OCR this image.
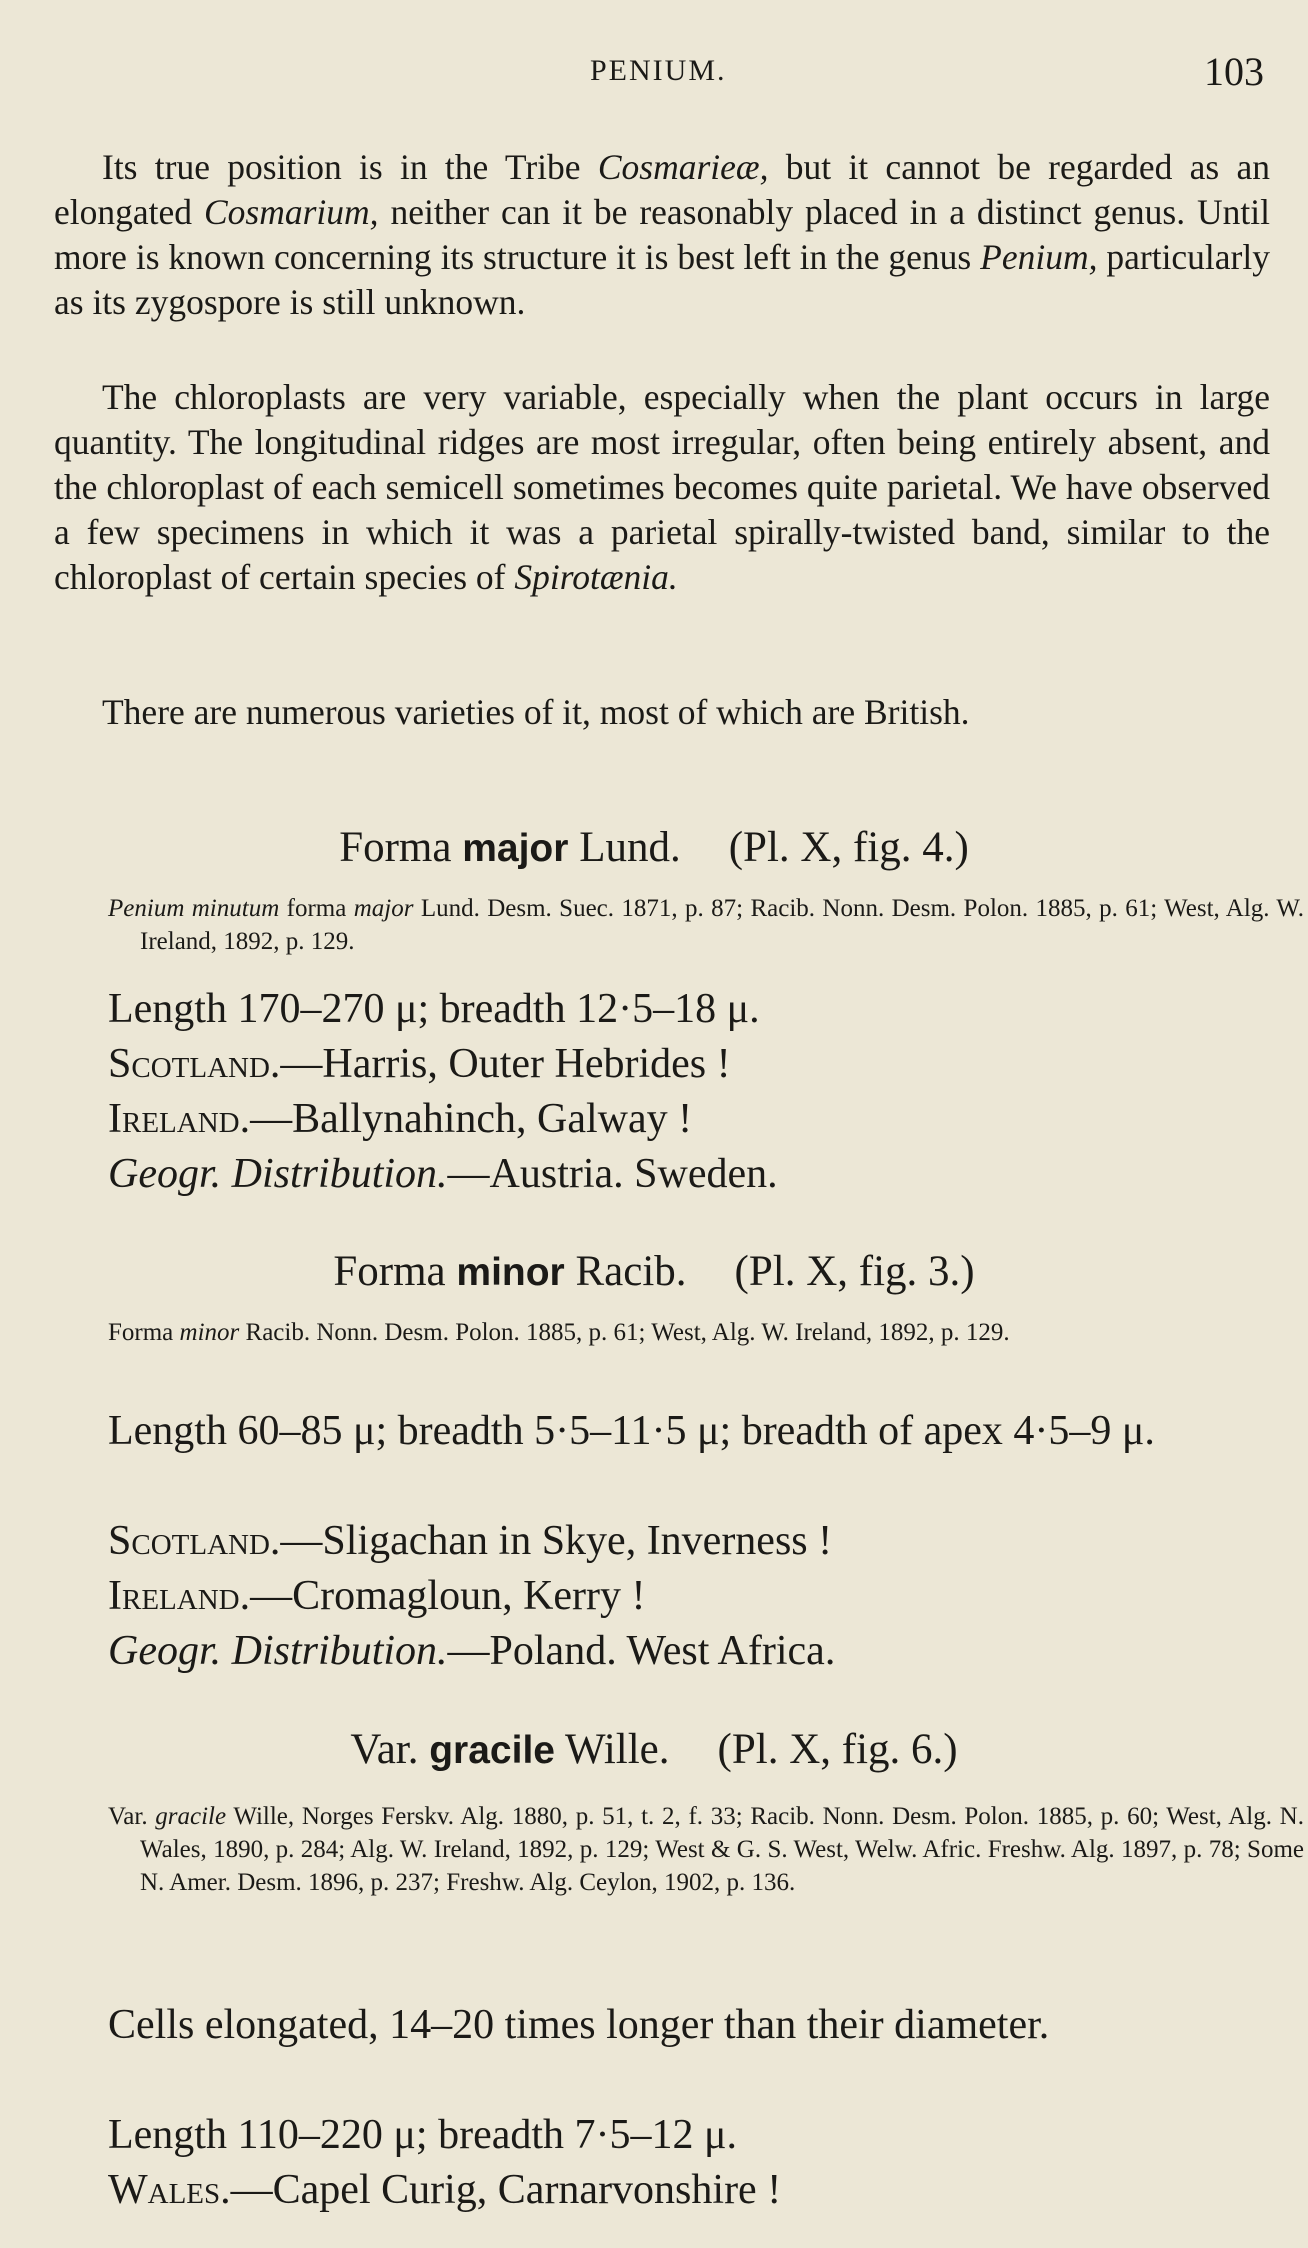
PENIUM.	103

Its true position is in the Tribe Cosmarieæ, but it cannot be regarded as an elongated Cosmarium, neither can it be reasonably placed in a distinct genus. Until more is known concerning its structure it is best left in the genus Penium, particularly as its zygospore is still unknown.

The chloroplasts are very variable, especially when the plant occurs in large quantity. The longitudinal ridges are most irregular, often being entirely absent, and the chloroplast of each semicell sometimes becomes quite parietal. We have observed a few specimens in which it was a parietal spirally-twisted band, similar to the chloroplast of certain species of Spirotænia.

There are numerous varieties of it, most of which are British.

Forma major Lund. (Pl. X, fig. 4.)

Penium minutum forma major Lund. Desm. Suec. 1871, p. 87; Racib. Nonn. Desm. Polon. 1885, p. 61; West, Alg. W. Ireland, 1892, p. 129.

Length 170–270 μ; breadth 12·5–18 μ.

Scotland.—Harris, Outer Hebrides !

Ireland.—Ballynahinch, Galway !

Geogr. Distribution.—Austria. Sweden.

Forma minor Racib. (Pl. X, fig. 3.)

Forma minor Racib. Nonn. Desm. Polon. 1885, p. 61; West, Alg. W. Ireland, 1892, p. 129.

Length 60–85 μ; breadth 5·5–11·5 μ; breadth of apex 4·5–9 μ.

Scotland.—Sligachan in Skye, Inverness !

Ireland.—Cromagloun, Kerry !

Geogr. Distribution.—Poland. West Africa.

Var. gracile Wille. (Pl. X, fig. 6.)

Var. gracile Wille, Norges Ferskv. Alg. 1880, p. 51, t. 2, f. 33; Racib. Nonn. Desm. Polon. 1885, p. 60; West, Alg. N. Wales, 1890, p. 284; Alg. W. Ireland, 1892, p. 129; West & G. S. West, Welw. Afric. Freshw. Alg. 1897, p. 78; Some N. Amer. Desm. 1896, p. 237; Freshw. Alg. Ceylon, 1902, p. 136.

Cells elongated, 14–20 times longer than their diameter.

Length 110–220 μ; breadth 7·5–12 μ.

Wales.—Capel Curig, Carnarvonshire !
